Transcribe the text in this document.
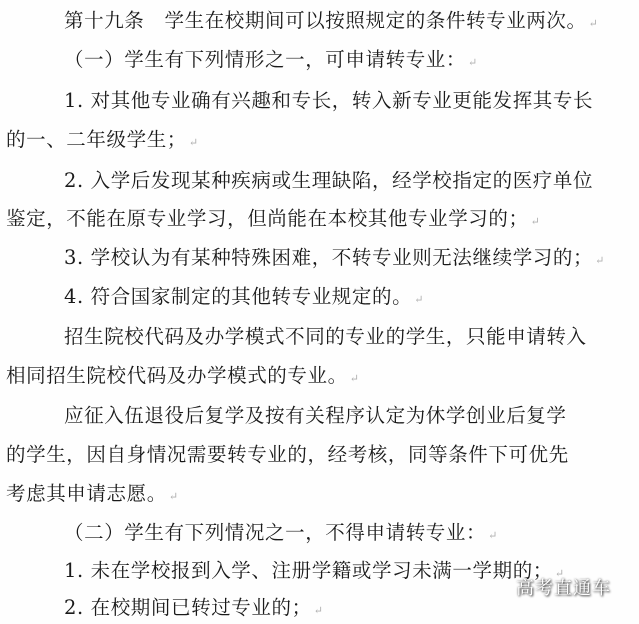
第十九条　学生在校期间可以按照规定的条件转专业两次。 ↵
（一）学生有下列情形之一，可申请转专业： ↵
1. 对其他专业确有兴趣和专长，转入新专业更能发挥其专长
的一、二年级学生； ↵
2. 入学后发现某种疾病或生理缺陷，经学校指定的医疗单位
鉴定，不能在原专业学习，但尚能在本校其他专业学习的； ↵
3. 学校认为有某种特殊困难，不转专业则无法继续学习的； ↵
4. 符合国家制定的其他转专业规定的。 ↵
招生院校代码及办学模式不同的专业的学生，只能申请转入
相同招生院校代码及办学模式的专业。 ↵
应征入伍退役后复学及按有关程序认定为休学创业后复学
的学生，因自身情况需要转专业的，经考核，同等条件下可优先
考虑其申请志愿。 ↵
（二）学生有下列情况之一，不得申请转专业： ↵
1. 未在学校报到入学、注册学籍或学习未满一学期的； ↵
2. 在校期间已转过专业的； ↵
高考直通车
